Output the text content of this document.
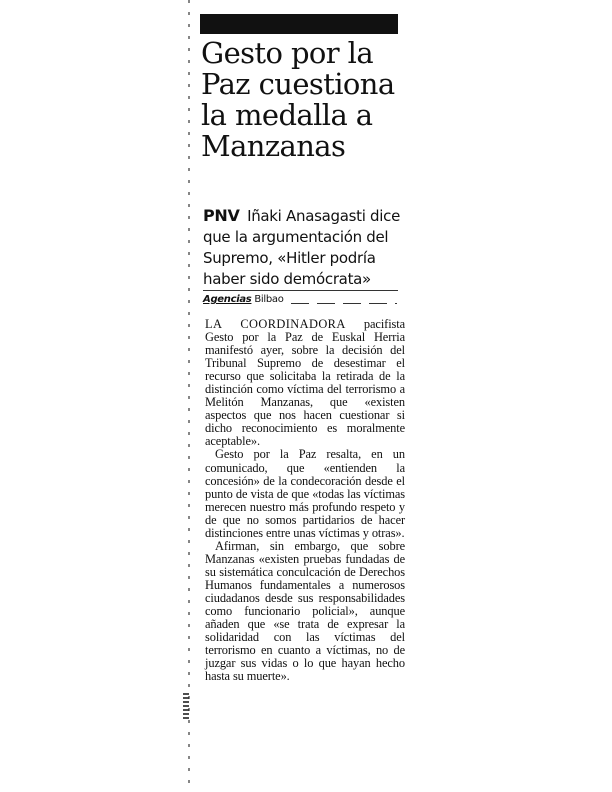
Gesto por la Paz cuestiona la medalla a Manzanas

PNV Iñaki Anasagasti dice que la argumentación del Supremo, «Hitler podría haber sido demócrata»

Agencias Bilbao

LA COORDINADORA pacifista Gesto por la Paz de Euskal Herria manifestó ayer, sobre la decisión del Tribunal Supremo de desestimar el recurso que solicitaba la retirada de la distinción como víctima del terrorismo a Melitón Manzanas, que «existen aspectos que nos hacen cuestionar si dicho reconocimiento es moralmente aceptable».

Gesto por la Paz resalta, en un comunicado, que «entienden la concesión» de la condecoración desde el punto de vista de que «todas las víctimas merecen nuestro más profundo respeto y de que no somos partidarios de hacer distinciones entre unas víctimas y otras».

Afirman, sin embargo, que sobre Manzanas «existen pruebas fundadas de su sistemática conculcación de Derechos Humanos fundamentales a numerosos ciudadanos desde sus responsabilidades como funcionario policial», aunque añaden que «se trata de expresar la solidaridad con las víctimas del terrorismo en cuanto a víctimas, no de juzgar sus vidas o lo que hayan hecho hasta su muerte».
